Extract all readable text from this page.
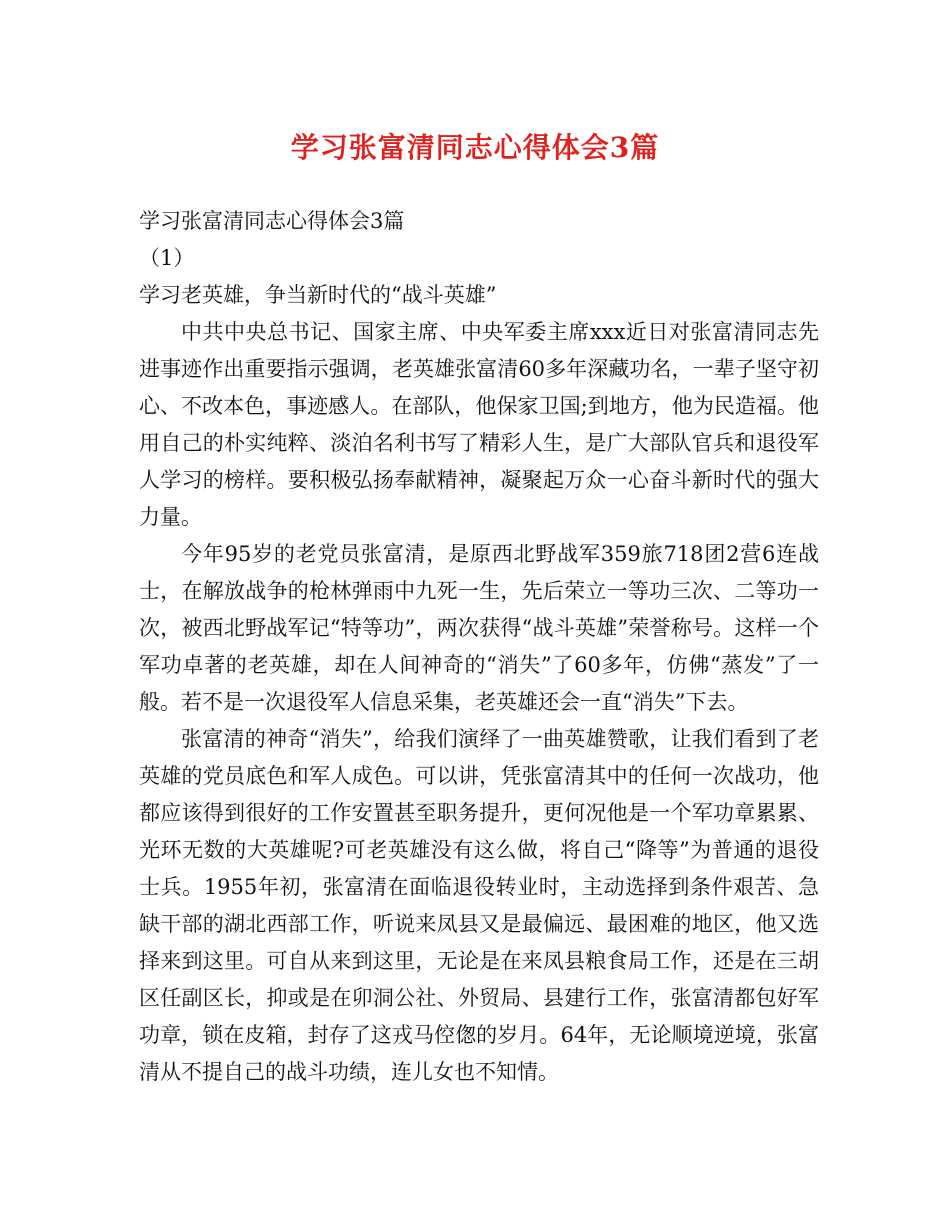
学习张富清同志心得体会3篇

学习张富清同志心得体会3篇

（1）

学习老英雄，争当新时代的“战斗英雄”

中共中央总书记、国家主席、中央军委主席xxx近日对张富清同志先进事迹作出重要指示强调，老英雄张富清60多年深藏功名，一辈子坚守初心、不改本色，事迹感人。在部队，他保家卫国;到地方，他为民造福。他用自己的朴实纯粹、淡泊名利书写了精彩人生，是广大部队官兵和退役军人学习的榜样。要积极弘扬奉献精神，凝聚起万众一心奋斗新时代的强大力量。

今年95岁的老党员张富清，是原西北野战军359旅718团2营6连战士，在解放战争的枪林弹雨中九死一生，先后荣立一等功三次、二等功一次，被西北野战军记“特等功”，两次获得“战斗英雄”荣誉称号。这样一个军功卓著的老英雄，却在人间神奇的“消失”了60多年，仿佛“蒸发”了一般。若不是一次退役军人信息采集，老英雄还会一直“消失”下去。

张富清的神奇“消失”，给我们演绎了一曲英雄赞歌，让我们看到了老英雄的党员底色和军人成色。可以讲，凭张富清其中的任何一次战功，他都应该得到很好的工作安置甚至职务提升，更何况他是一个军功章累累、光环无数的大英雄呢?可老英雄没有这么做，将自己“降等”为普通的退役士兵。1955年初，张富清在面临退役转业时，主动选择到条件艰苦、急缺干部的湖北西部工作，听说来凤县又是最偏远、最困难的地区，他又选择来到这里。可自从来到这里，无论是在来凤县粮食局工作，还是在三胡区任副区长，抑或是在卯洞公社、外贸局、县建行工作，张富清都包好军功章，锁在皮箱，封存了这戎马倥偬的岁月。64年，无论顺境逆境，张富清从不提自己的战斗功绩，连儿女也不知情。
